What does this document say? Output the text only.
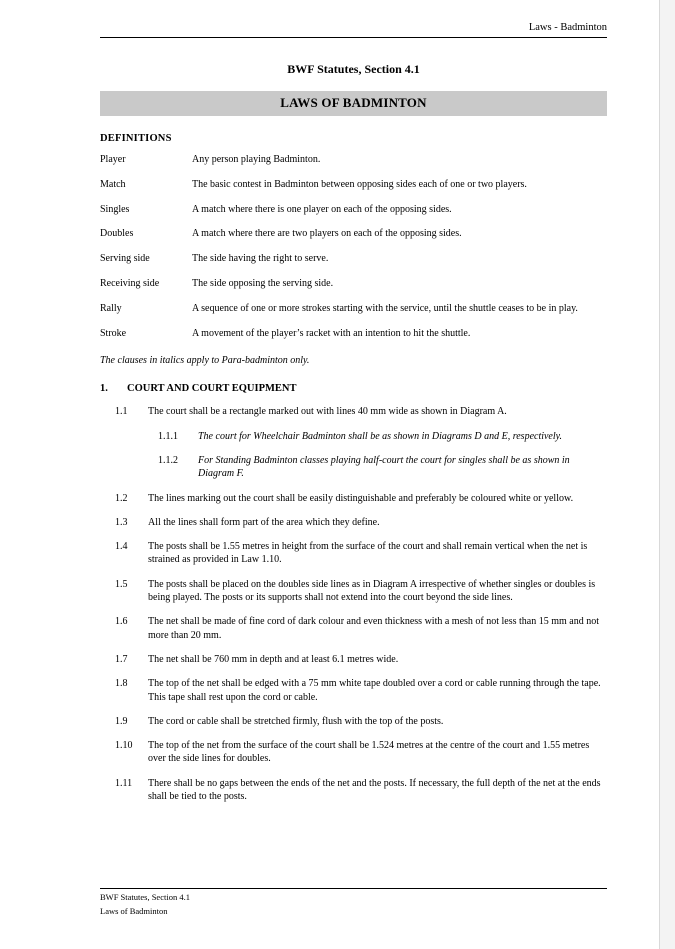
Laws - Badminton
BWF Statutes, Section 4.1
LAWS OF BADMINTON
DEFINITIONS
Player	Any person playing Badminton.
Match	The basic contest in Badminton between opposing sides each of one or two players.
Singles	A match where there is one player on each of the opposing sides.
Doubles	A match where there are two players on each of the opposing sides.
Serving side	The side having the right to serve.
Receiving side	The side opposing the serving side.
Rally	A sequence of one or more strokes starting with the service, until the shuttle ceases to be in play.
Stroke	A movement of the player’s racket with an intention to hit the shuttle.
The clauses in italics apply to Para-badminton only.
1. COURT AND COURT EQUIPMENT
1.1	The court shall be a rectangle marked out with lines 40 mm wide as shown in Diagram A.
1.1.1	The court for Wheelchair Badminton shall be as shown in Diagrams D and E, respectively.
1.1.2	For Standing Badminton classes playing half-court the court for singles shall be as shown in Diagram F.
1.2	The lines marking out the court shall be easily distinguishable and preferably be coloured white or yellow.
1.3	All the lines shall form part of the area which they define.
1.4	The posts shall be 1.55 metres in height from the surface of the court and shall remain vertical when the net is strained as provided in Law 1.10.
1.5	The posts shall be placed on the doubles side lines as in Diagram A irrespective of whether singles or doubles is being played. The posts or its supports shall not extend into the court beyond the side lines.
1.6	The net shall be made of fine cord of dark colour and even thickness with a mesh of not less than 15 mm and not more than 20 mm.
1.7	The net shall be 760 mm in depth and at least 6.1 metres wide.
1.8	The top of the net shall be edged with a 75 mm white tape doubled over a cord or cable running through the tape. This tape shall rest upon the cord or cable.
1.9	The cord or cable shall be stretched firmly, flush with the top of the posts.
1.10	The top of the net from the surface of the court shall be 1.524 metres at the centre of the court and 1.55 metres over the side lines for doubles.
1.11	There shall be no gaps between the ends of the net and the posts. If necessary, the full depth of the net at the ends shall be tied to the posts.
BWF Statutes, Section 4.1
Laws of Badminton
